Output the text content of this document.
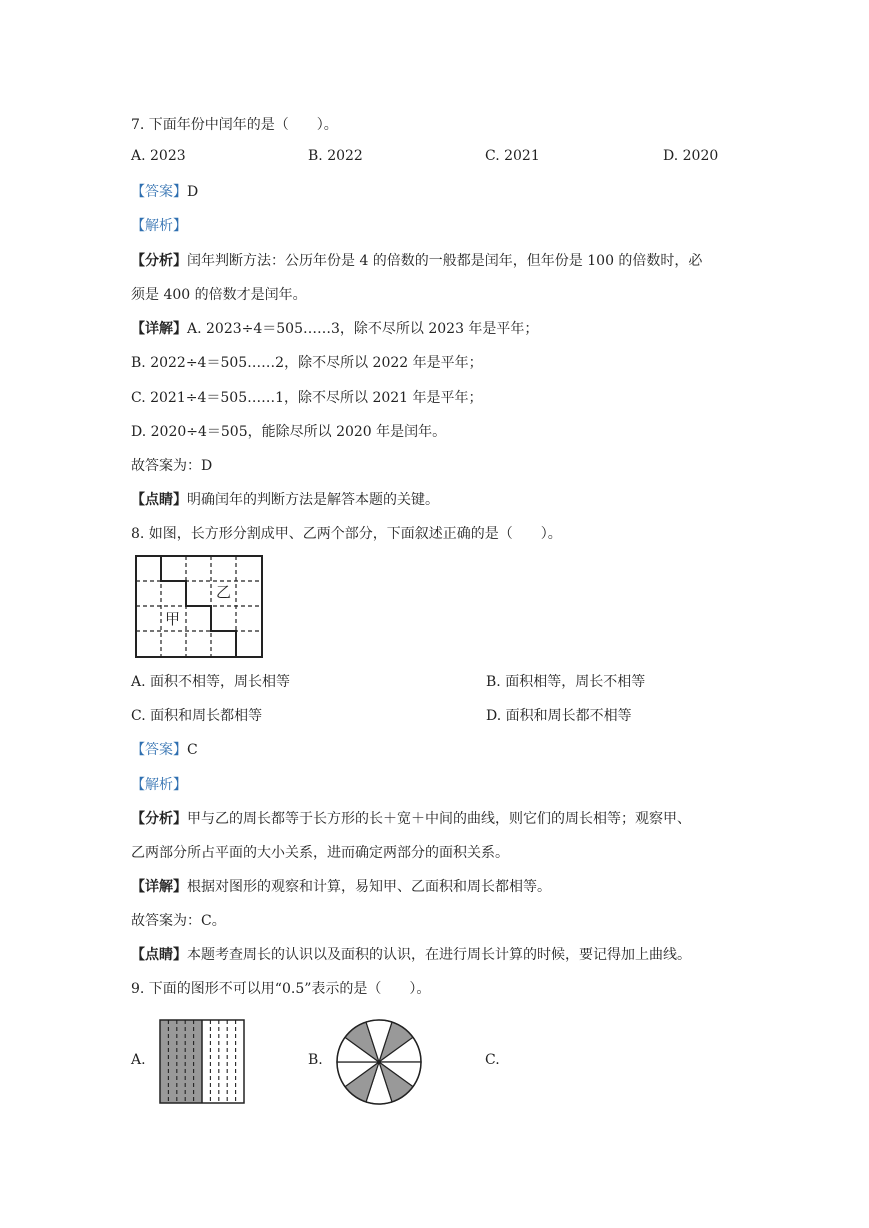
7. 下面年份中闰年的是（　　）。
A. 2023	B. 2022	C. 2021	D. 2020
【答案】D
【解析】
【分析】闰年判断方法：公历年份是 4 的倍数的一般都是闰年，但年份是 100 的倍数时，必
须是 400 的倍数才是闰年。
【详解】A. 2023÷4＝505……3，除不尽所以 2023 年是平年；
B. 2022÷4＝505……2，除不尽所以 2022 年是平年；
C. 2021÷4＝505……1，除不尽所以 2021 年是平年；
D. 2020÷4＝505，能除尽所以 2020 年是闰年。
故答案为：D
【点睛】明确闰年的判断方法是解答本题的关键。
8. 如图，长方形分割成甲、乙两个部分，下面叙述正确的是（　　）。
甲
乙
A. 面积不相等，周长相等	B. 面积相等，周长不相等
C. 面积和周长都相等	D. 面积和周长都不相等
【答案】C
【解析】
【分析】甲与乙的周长都等于长方形的长＋宽＋中间的曲线，则它们的周长相等；观察甲、
乙两部分所占平面的大小关系，进而确定两部分的面积关系。
【详解】根据对图形的观察和计算，易知甲、乙面积和周长都相等。
故答案为：C。
【点睛】本题考查周长的认识以及面积的认识，在进行周长计算的时候，要记得加上曲线。
9. 下面的图形不可以用“0.5”表示的是（　　）。
A.	B.	C.
